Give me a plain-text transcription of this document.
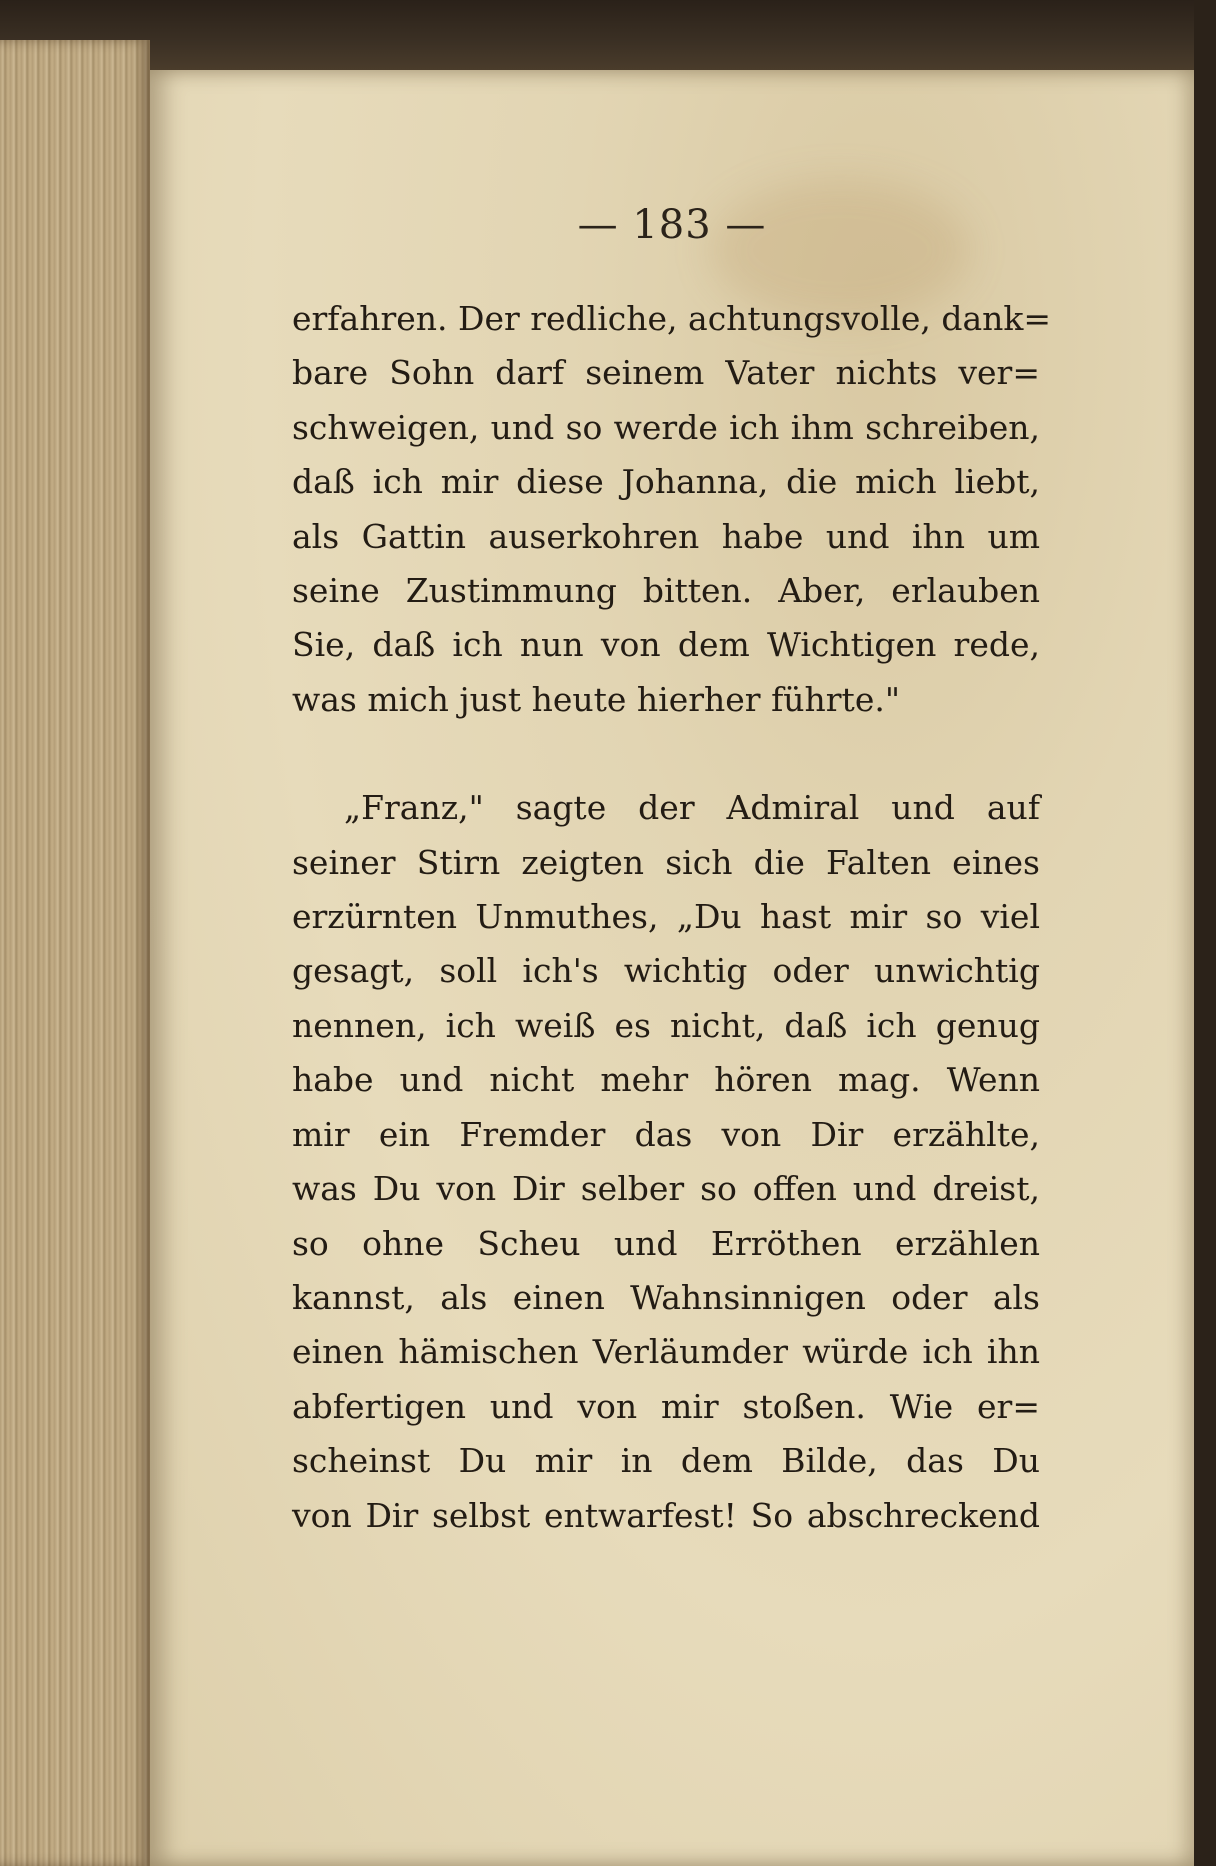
— 183 —
erfahren. Der redliche, achtungsvolle, dank=
bare Sohn darf seinem Vater nichts ver=
schweigen, und so werde ich ihm schreiben,
daß ich mir diese Johanna, die mich liebt,
als Gattin auserkohren habe und ihn um
seine Zustimmung bitten. Aber, erlauben
Sie, daß ich nun von dem Wichtigen rede,
was mich just heute hierher führte."
„Franz," sagte der Admiral und auf
seiner Stirn zeigten sich die Falten eines
erzürnten Unmuthes, „Du hast mir so viel
gesagt, soll ich's wichtig oder unwichtig
nennen, ich weiß es nicht, daß ich genug
habe und nicht mehr hören mag. Wenn
mir ein Fremder das von Dir erzählte,
was Du von Dir selber so offen und dreist,
so ohne Scheu und Erröthen erzählen
kannst, als einen Wahnsinnigen oder als
einen hämischen Verläumder würde ich ihn
abfertigen und von mir stoßen. Wie er=
scheinst Du mir in dem Bilde, das Du
von Dir selbst entwarfest! So abschreckend
